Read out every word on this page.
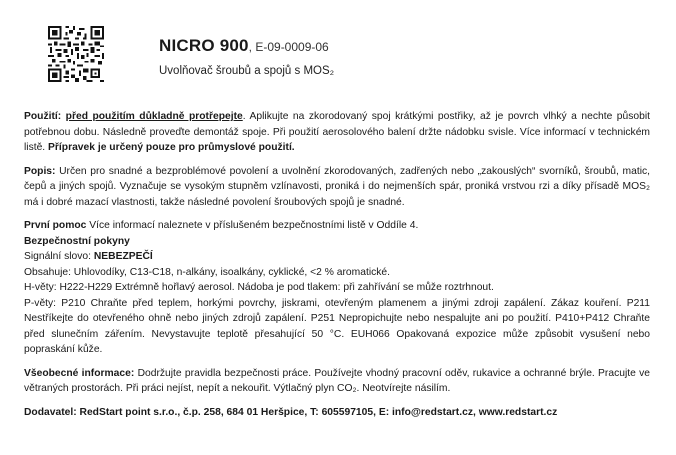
NICRO 900, E-09-0009-06
Uvolňovač šroubů a spojů s MOS₂

Použití: před použitím důkladně protřepejte. Aplikujte na zkorodovaný spoj krátkými postřiky, až je povrch vlhký a nechte působit potřebnou dobu. Následně proveďte demontáž spoje. Při použití aerosolového balení držte nádobku svisle. Více informací v technickém listě. Přípravek je určený pouze pro průmyslové použití.

Popis: Určen pro snadné a bezproblémové povolení a uvolnění zkorodovaných, zadřených nebo „zakouslých“ svorníků, šroubů, matic, čepů a jiných spojů. Vyznačuje se vysokým stupněm vzlínavosti, proniká i do nejmenších spár, proniká vrstvou rzi a díky přísadě MOS₂ má i dobré mazací vlastnosti, takže následné povolení šroubových spojů je snadné.

První pomoc Více informací naleznete v příslušeném bezpečnostními listě v Oddíle 4.
Bezpečnostní pokyny
Signální slovo: NEBEZPEČÍ
Obsahuje: Uhlovodíky, C13-C18, n-alkány, isoalkány, cyklické, <2 % aromatické.
H-věty: H222-H229 Extrémně hořlavý aerosol. Nádoba je pod tlakem: při zahřívání se může roztrhnout.
P-věty: P210 Chraňte před teplem, horkými povrchy, jiskrami, otevřeným plamenem a jinými zdroji zapálení. Zákaz kouření. P211 Nestříkejte do otevřeného ohně nebo jiných zdrojů zapálení. P251 Nepropichujte nebo nespalujte ani po použití. P410+P412 Chraňte před slunečním zářením. Nevystavujte teplotě přesahující 50 °C. EUH066 Opakovaná expozice může způsobit vysušení nebo popraskání kůže.

Všeobecné informace: Dodržujte pravidla bezpečnosti práce. Používejte vhodný pracovní oděv, rukavice a ochranné brýle. Pracujte ve větraných prostorách. Při práci nejíst, nepít a nekouřit. Výtlačný plyn CO₂. Neotvírejte násilím.

Dodavatel: RedStart point s.r.o., č.p. 258, 684 01 Heršpice, T: 605597105, E: info@redstart.cz, www.redstart.cz
